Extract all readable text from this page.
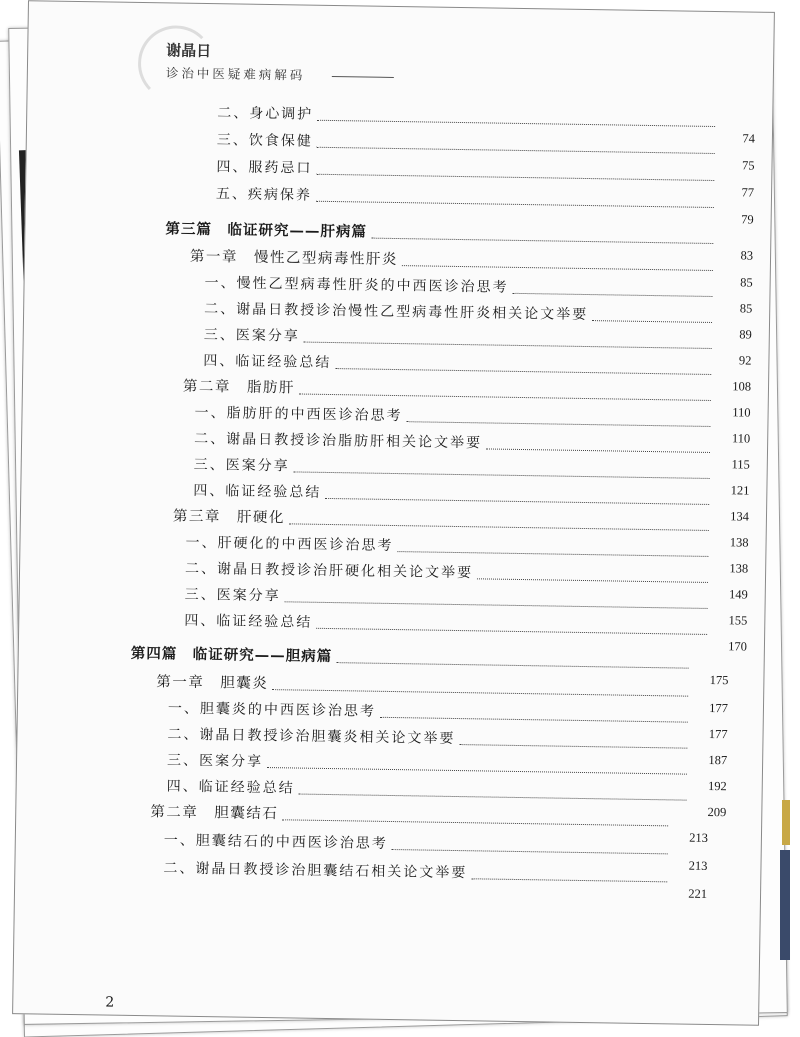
谢晶日
诊治中医疑难病解码
二、身心调护
74
三、饮食保健
75
四、服药忌口
77
五、疾病保养
79
第三篇　临证研究——肝病篇
83
第一章　慢性乙型病毒性肝炎
85
一、慢性乙型病毒性肝炎的中西医诊治思考
85
二、谢晶日教授诊治慢性乙型病毒性肝炎相关论文举要
89
三、医案分享
92
四、临证经验总结
108
第二章　脂肪肝
110
一、脂肪肝的中西医诊治思考
110
二、谢晶日教授诊治脂肪肝相关论文举要
115
三、医案分享
121
四、临证经验总结
134
第三章　肝硬化
138
一、肝硬化的中西医诊治思考
138
二、谢晶日教授诊治肝硬化相关论文举要
149
三、医案分享
155
四、临证经验总结
170
第四篇　临证研究——胆病篇
175
第一章　胆囊炎
177
一、胆囊炎的中西医诊治思考
177
二、谢晶日教授诊治胆囊炎相关论文举要
187
三、医案分享
192
四、临证经验总结
209
第二章　胆囊结石
213
一、胆囊结石的中西医诊治思考
213
二、谢晶日教授诊治胆囊结石相关论文举要
221
2
